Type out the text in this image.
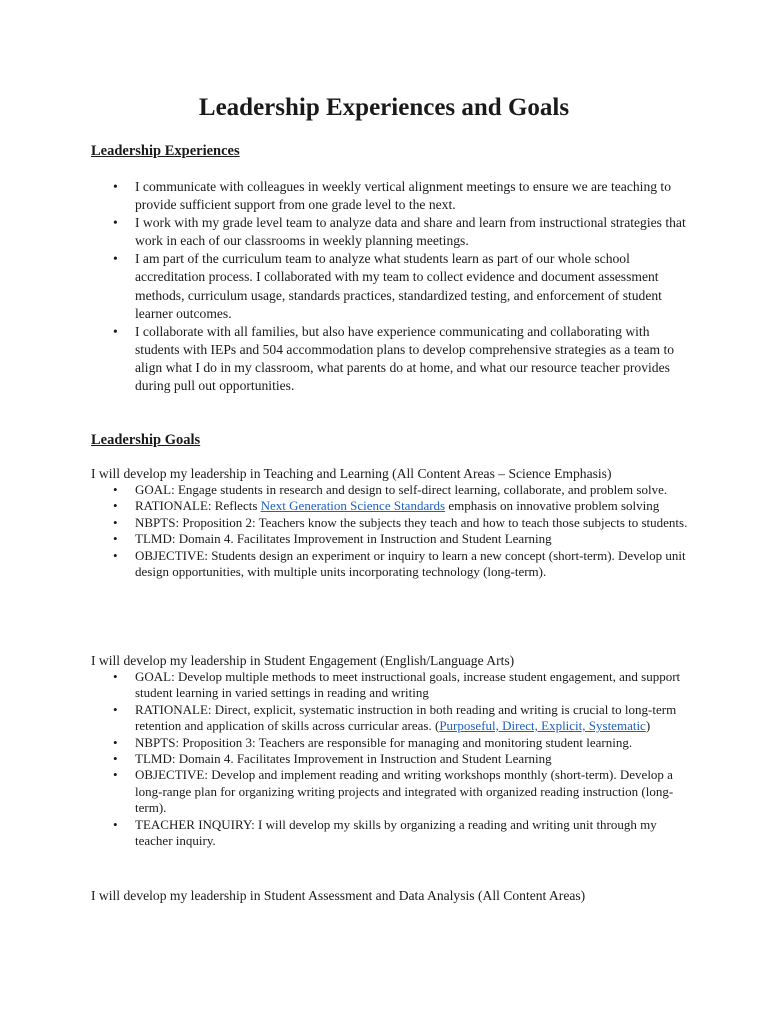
Leadership Experiences and Goals
Leadership Experiences
• I communicate with colleagues in weekly vertical alignment meetings to ensure we are teaching to provide sufficient support from one grade level to the next.
• I work with my grade level team to analyze data and share and learn from instructional strategies that work in each of our classrooms in weekly planning meetings.
• I am part of the curriculum team to analyze what students learn as part of our whole school accreditation process. I collaborated with my team to collect evidence and document assessment methods, curriculum usage, standards practices, standardized testing, and enforcement of student learner outcomes.
• I collaborate with all families, but also have experience communicating and collaborating with students with IEPs and 504 accommodation plans to develop comprehensive strategies as a team to align what I do in my classroom, what parents do at home, and what our resource teacher provides during pull out opportunities.
Leadership Goals

I will develop my leadership in Teaching and Learning (All Content Areas – Science Emphasis)

• GOAL: Engage students in research and design to self-direct learning, collaborate, and problem solve.
• RATIONALE: Reflects Next Generation Science Standards emphasis on innovative problem solving
• NBPTS: Proposition 2: Teachers know the subjects they teach and how to teach those subjects to students.
• TLMD: Domain 4. Facilitates Improvement in Instruction and Student Learning
• OBJECTIVE: Students design an experiment or inquiry to learn a new concept (short-term). Develop unit design opportunities, with multiple units incorporating technology (long-term).

I will develop my leadership in Student Engagement (English/Language Arts)

• GOAL: Develop multiple methods to meet instructional goals, increase student engagement, and support student learning in varied settings in reading and writing
• RATIONALE: Direct, explicit, systematic instruction in both reading and writing is crucial to long-term retention and application of skills across curricular areas. (Purposeful, Direct, Explicit, Systematic)
• NBPTS: Proposition 3: Teachers are responsible for managing and monitoring student learning.
• TLMD: Domain 4. Facilitates Improvement in Instruction and Student Learning
• OBJECTIVE: Develop and implement reading and writing workshops monthly (short-term). Develop a long-range plan for organizing writing projects and integrated with organized reading instruction (long-term).
• TEACHER INQUIRY: I will develop my skills by organizing a reading and writing unit through my teacher inquiry.

I will develop my leadership in Student Assessment and Data Analysis (All Content Areas)
